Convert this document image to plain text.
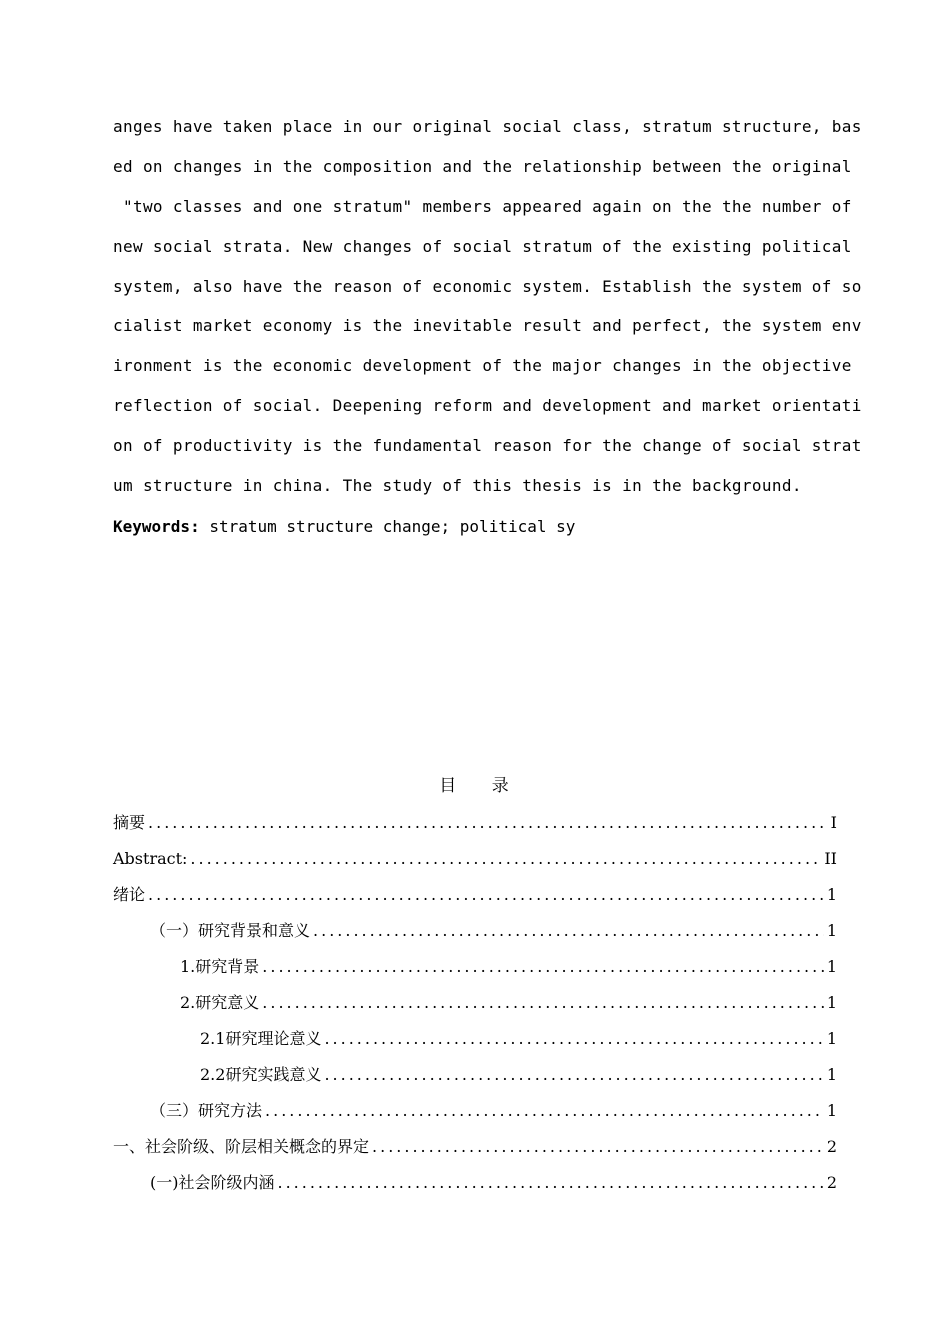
anges have taken place in our original social class, stratum structure, bas
ed on changes in the composition and the relationship between the original
"two classes and one stratum" members appeared again on the the number of
new social strata. New changes of social stratum of the existing political
system, also have the reason of economic system. Establish the system of so
cialist market economy is the inevitable result and perfect, the system env
ironment is the economic development of the major changes in the objective
reflection of social. Deepening reform and development and market orientati
on of productivity is the fundamental reason for the change of social strat
um structure in china. The study of this thesis is in the background.
Keywords: stratum structure change; political sy
目 录
摘要 .....	I
Abstract: .....	II
绪论 .....	1
（一）研究背景和意义 .....	1
1.研究背景 .....	1
2.研究意义 .....	1
2.1研究理论意义 .....	1
2.2研究实践意义 .....	1
（三）研究方法 .....	1
一、社会阶级、阶层相关概念的界定 .....	2
(一)社会阶级内涵 .....	2
